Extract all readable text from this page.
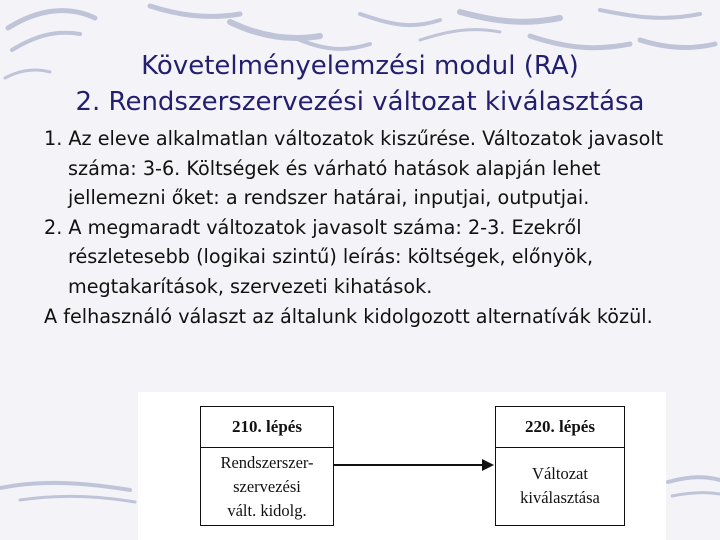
Követelményelemzési modul (RA)
2. Rendszerszervezési változat kiválasztása
1. Az eleve alkalmatlan változatok kiszűrése. Változatok javasolt száma: 3-6. Költségek és várható hatások alapján lehet jellemezni őket: a rendszer határai, inputjai, outputjai.
2. A megmaradt változatok javasolt száma: 2-3. Ezekről részletesebb (logikai szintű) leírás: költségek, előnyök, megtakarítások, szervezeti kihatások.
A felhasználó választ az általunk kidolgozott alternatívák közül.
210. lépés
Rendszerszer-
szervezési
vált. kidolg.
220. lépés
Változat
kiválasztása
